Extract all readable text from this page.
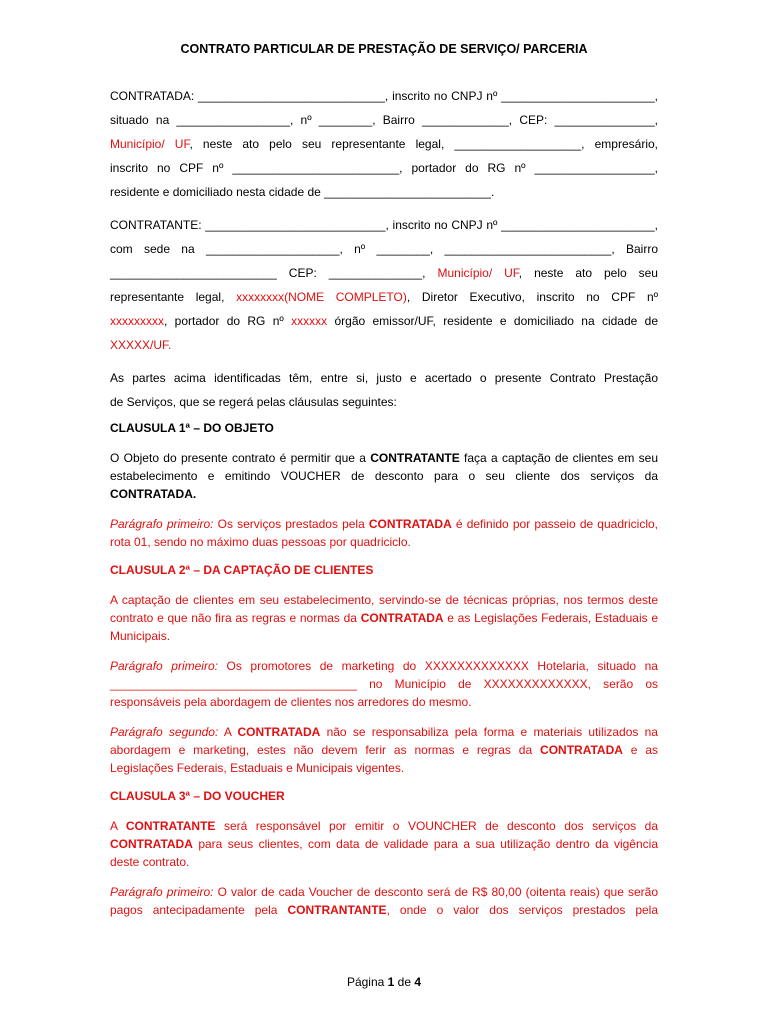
CONTRATO PARTICULAR DE PRESTAÇÃO DE SERVIÇO/ PARCERIA
CONTRATADA: ____________________________, inscrito no CNPJ nº _______________________,
situado na _________________, nº ________, Bairro _____________, CEP: _______________,
Município/ UF, neste ato pelo seu representante legal, ___________________, empresário,
inscrito no CPF nº _________________________, portador do RG nº __________________,
residente e domiciliado nesta cidade de _________________________.
CONTRATANTE: ___________________________, inscrito no CNPJ nº _______________________,
com sede na ____________________, nº ________, _________________________, Bairro
_________________________ CEP: ______________, Município/ UF, neste ato pelo seu
representante legal, xxxxxxxx(NOME COMPLETO), Diretor Executivo, inscrito no CPF nº
xxxxxxxxx, portador do RG nº xxxxxx órgão emissor/UF, residente e domiciliado na cidade de
XXXXX/UF.
As partes acima identificadas têm, entre si, justo e acertado o presente Contrato Prestação
de Serviços, que se regerá pelas cláusulas seguintes:
CLAUSULA 1ª – DO OBJETO

O Objeto do presente contrato é permitir que a CONTRATANTE faça a captação de clientes em seu estabelecimento e emitindo VOUCHER de desconto para o seu cliente dos serviços da CONTRATADA.

Parágrafo primeiro: Os serviços prestados pela CONTRATADA é definido por passeio de quadriciclo, rota 01, sendo no máximo duas pessoas por quadriciclo.

CLAUSULA 2ª – DA CAPTAÇÃO DE CLIENTES

A captação de clientes em seu estabelecimento, servindo-se de técnicas próprias, nos termos deste contrato e que não fira as regras e normas da CONTRATADA e as Legislações Federais, Estaduais e Municipais.

Parágrafo primeiro: Os promotores de marketing do XXXXXXXXXXXXX Hotelaria, situado na _____________________________________ no Município de XXXXXXXXXXXXX, serão os responsáveis pela abordagem de clientes nos arredores do mesmo.

Parágrafo segundo: A CONTRATADA não se responsabiliza pela forma e materiais utilizados na abordagem e marketing, estes não devem ferir as normas e regras da CONTRATADA e as Legislações Federais, Estaduais e Municipais vigentes.

CLAUSULA 3ª – DO VOUCHER

A CONTRATANTE será responsável por emitir o VOUNCHER de desconto dos serviços da CONTRATADA para seus clientes, com data de validade para a sua utilização dentro da vigência deste contrato.

Parágrafo primeiro: O valor de cada Voucher de desconto será de R$ 80,00 (oitenta reais) que serão pagos antecipadamente pela CONTRANTANTE, onde o valor dos serviços prestados pela

Página 1 de 4
